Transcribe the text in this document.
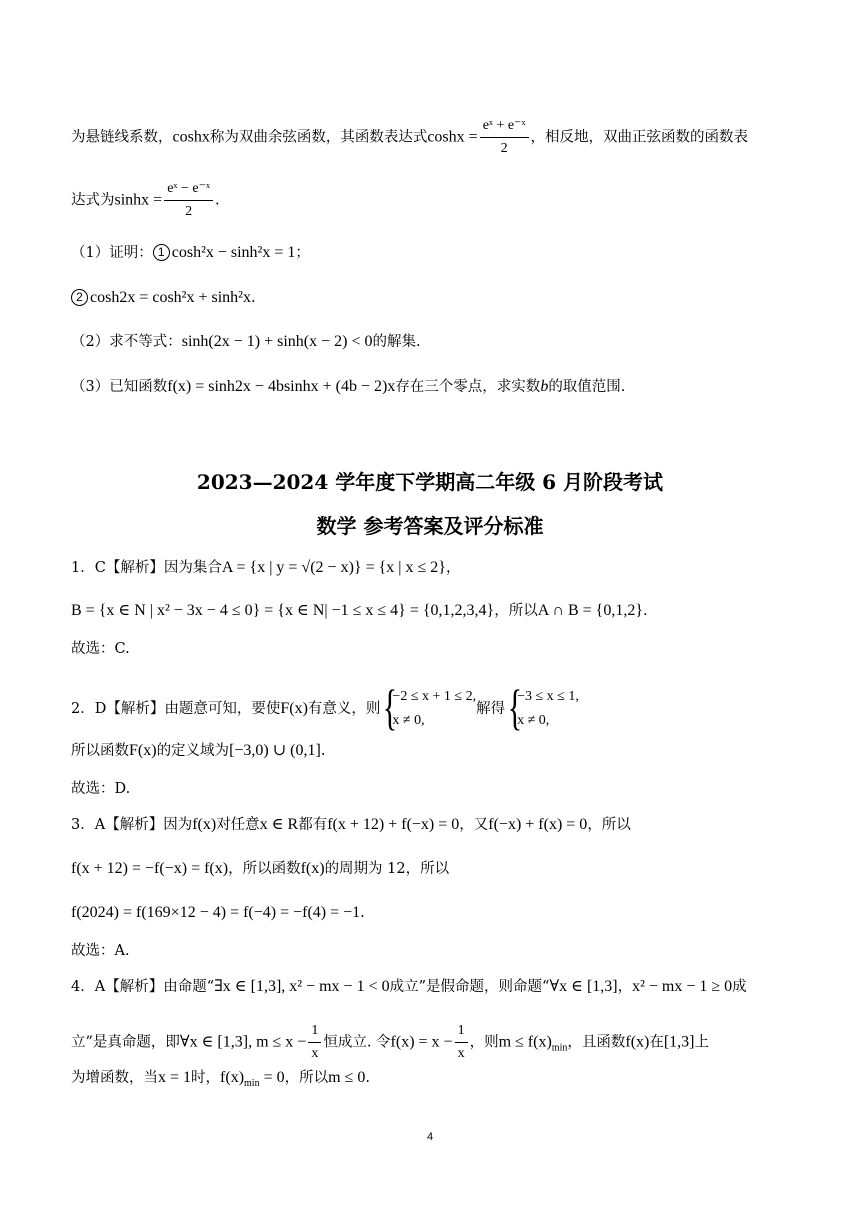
为悬链线系数，coshx称为双曲余弦函数，其函数表达式$\cosh x = \frac{\text{eˣ + e⁻ˣ}}{2}$ ，相反地，双曲正弦函数的函数表
达式为$\sinh x = \frac{\text{eˣ − e⁻ˣ}}{2}$ .
（1）证明： 1 cosh²x − sinh²x = 1；
2 cosh2x = cosh²x + sinh²x.
（2）求不等式：sinh(2x − 1) + sinh(x − 2) < 0的解集.
（3）已知函数f(x) = sinh2x − 4bsinhx + (4b − 2)x存在三个零点，求实数b的取值范围.
2023—2024 学年度下学期高二年级 6 月阶段考试
数学 参考答案及评分标准
1．C【解析】因为集合A = {x | y = √(2 − x)} = {x | x ≤ 2}，
B = {x ∈ N | x² − 3x − 4 ≤ 0} = {x ∈ N| −1 ≤ x ≤ 4} = {0,1,2,3,4}，所以A ∩ B = {0,1,2}.
故选：C.
2．D【解析】由题意可知，要使F(x)有意义，则
{ −2 ≤ x + 1 ≤ 2,
x ≠ 0,
解得
{ −3 ≤ x ≤ 1,
x ≠ 0,
所以函数F(x)的定义域为[−3,0) ∪ (0,1].
故选：D.
3．A【解析】因为f(x)对任意x ∈ R都有f(x + 12) + f(−x) = 0，又f(−x) + f(x) = 0，所以
f(x + 12) = −f(−x) = f(x)，所以函数f(x)的周期为 12，所以
f(2024) = f(169×12 − 4) = f(−4) = −f(4) = −1.
故选：A.
4．A【解析】由命题“∃x ∈ [1,3], x² − mx − 1 < 0成立”是假命题，则命题“∀x ∈ [1,3]，x² − mx − 1 ≥ 0成
立”是真命题，即∀x ∈ [1,3], $m \le x - \frac{1}{x}$ 恒成立. 令$f(x) = x - \frac{1}{x}$ ，则$m \le f(x)_{min}$，且函数f(x)在[1,3]上
为增函数，当x = 1时，$f(x)_{min} = 0$，所以m ≤ 0.
4
